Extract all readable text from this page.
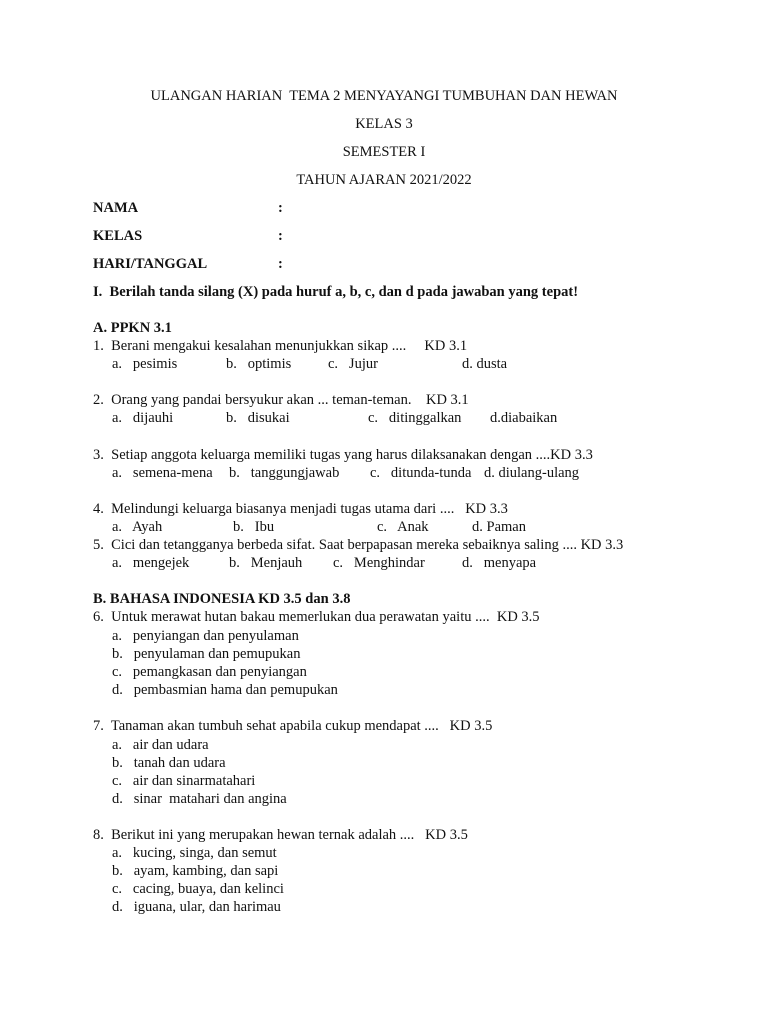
ULANGAN HARIAN  TEMA 2 MENYAYANGI TUMBUHAN DAN HEWAN
KELAS 3
SEMESTER I
TAHUN AJARAN 2021/2022
NAMA	:
KELAS	:
HARI/TANGGAL	:
I.  Berilah tanda silang (X) pada huruf a, b, c, dan d pada jawaban yang tepat!
A. PPKN 3.1
1.  Berani mengakui kesalahan menunjukkan sikap ....     KD 3.1
a.   pesimis	b.   optimis	c.   Jujur	d. dusta
2.  Orang yang pandai bersyukur akan ... teman-teman.    KD 3.1
a.   dijauhi	b.   disukai	c.   ditinggalkan d.diabaikan
3.  Setiap anggota keluarga memiliki tugas yang harus dilaksanakan dengan ....KD 3.3
a.   semena-mena b.   tanggungjawab c.   ditunda-tunda d. diulang-ulang
4.  Melindungi keluarga biasanya menjadi tugas utama dari ....   KD 3.3
a.   Ayah	b.   Ibu	c.   Anak	d. Paman
5.  Cici dan tetangganya berbeda sifat. Saat berpapasan mereka sebaiknya saling .... KD 3.3
a.   mengejek	b.   Menjauh c.   Menghindar	d.   menyapa
B. BAHASA INDONESIA KD 3.5 dan 3.8
6.  Untuk merawat hutan bakau memerlukan dua perawatan yaitu ....  KD 3.5
a.   penyiangan dan penyulaman
b.   penyulaman dan pemupukan
c.   pemangkasan dan penyiangan
d.   pembasmian hama dan pemupukan
7.  Tanaman akan tumbuh sehat apabila cukup mendapat ....   KD 3.5
a.   air dan udara
b.   tanah dan udara
c.   air dan sinarmatahari
d.   sinar  matahari dan angina
8.  Berikut ini yang merupakan hewan ternak adalah ....   KD 3.5
a.   kucing, singa, dan semut
b.   ayam, kambing, dan sapi
c.   cacing, buaya, dan kelinci
d.   iguana, ular, dan harimau
